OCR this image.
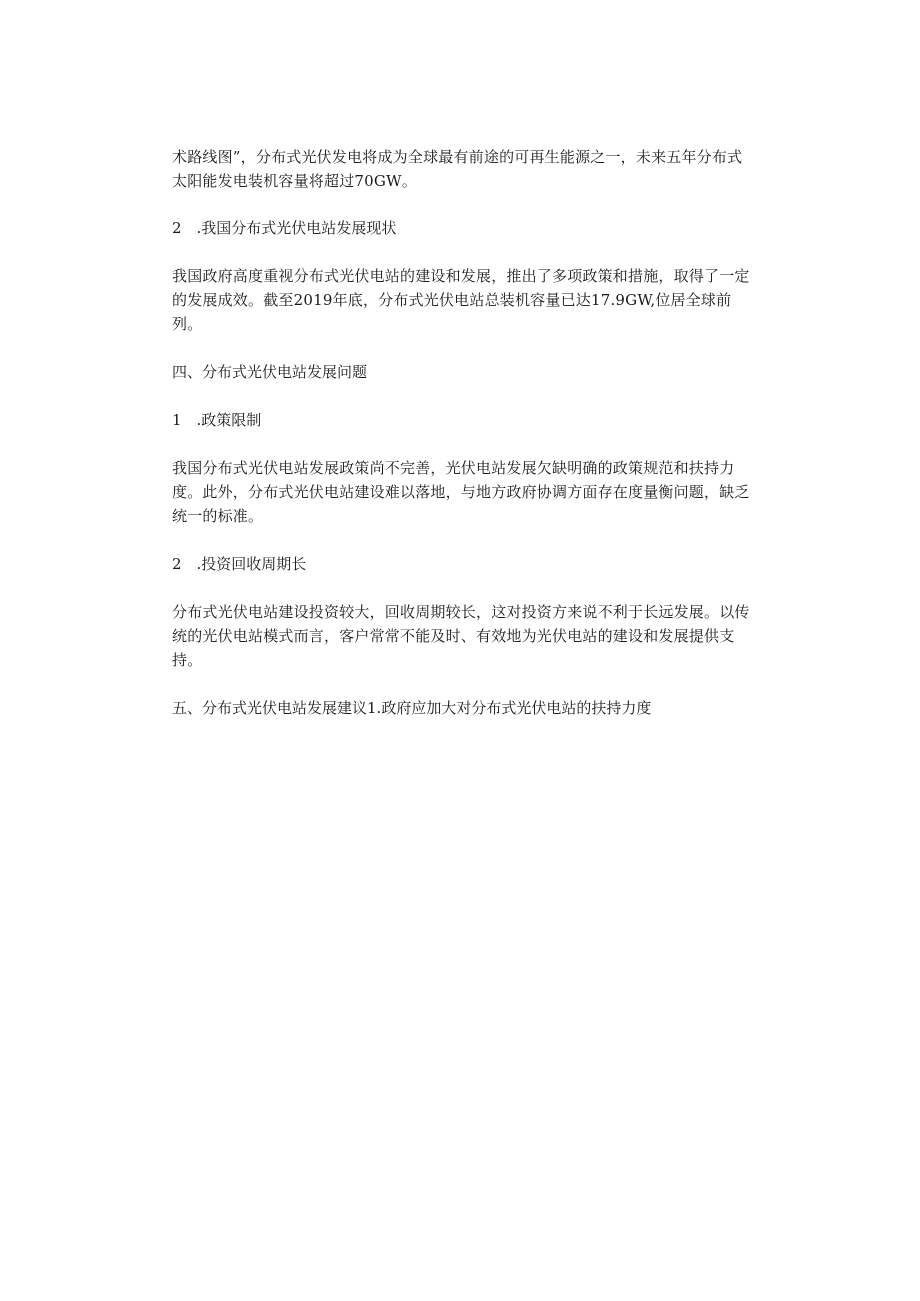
术路线图”，分布式光伏发电将成为全球最有前途的可再生能源之一，未来五年分布式太阳能发电装机容量将超过70GW。

2　.我国分布式光伏电站发展现状

我国政府高度重视分布式光伏电站的建设和发展，推出了多项政策和措施，取得了一定的发展成效。截至2019年底，分布式光伏电站总装机容量已达17.9GW,位居全球前列。

四、分布式光伏电站发展问题

1　.政策限制

我国分布式光伏电站发展政策尚不完善，光伏电站发展欠缺明确的政策规范和扶持力度。此外，分布式光伏电站建设难以落地，与地方政府协调方面存在度量衡问题，缺乏统一的标准。

2　.投资回收周期长

分布式光伏电站建设投资较大，回收周期较长，这对投资方来说不利于长远发展。以传统的光伏电站模式而言，客户常常不能及时、有效地为光伏电站的建设和发展提供支持。

五、分布式光伏电站发展建议1.政府应加大对分布式光伏电站的扶持力度
